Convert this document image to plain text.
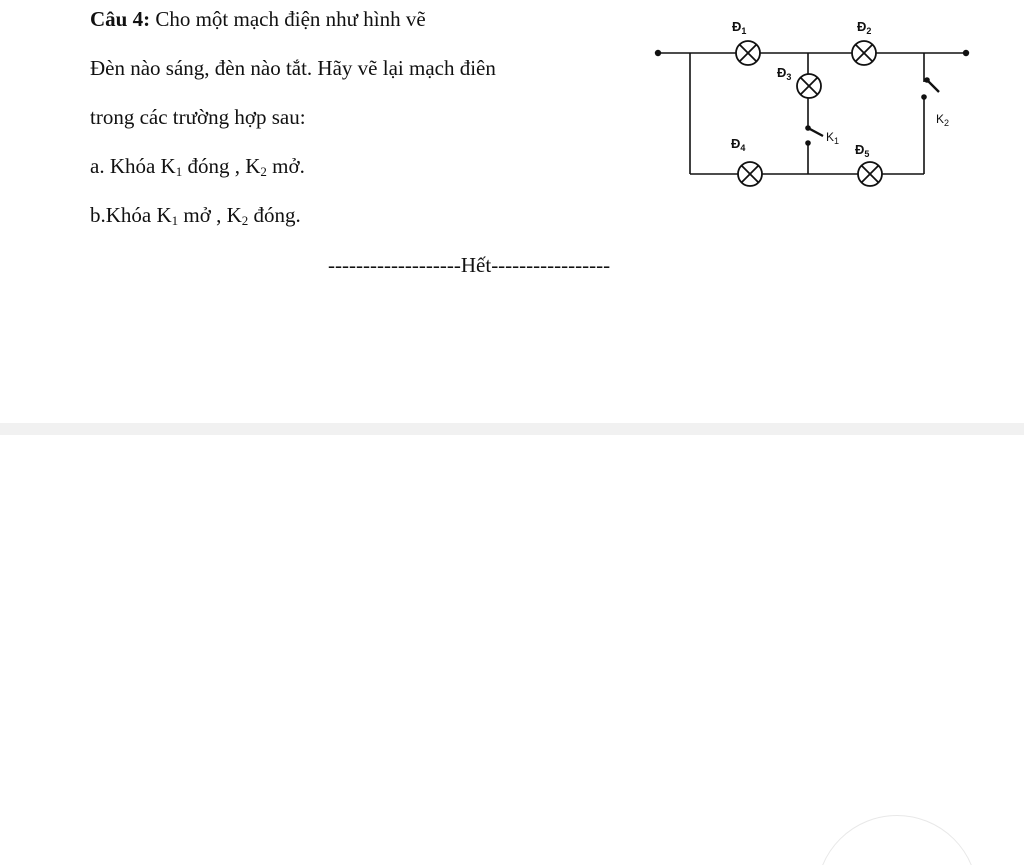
Câu 4: Cho một mạch điện như hình vẽ
Đèn nào sáng, đèn nào tắt. Hãy vẽ lại mạch điên
trong các trường hợp sau:
a. Khóa $K_1$ đóng , $K_2$ mở.
b.Khóa $K_1$ mở , $K_2$ đóng.
-------------------Hết-----------------
$Đ_1$	$Đ_2$
$Đ_3$
$Đ_4$	$Đ_5$
$K_1$
$K_2$
